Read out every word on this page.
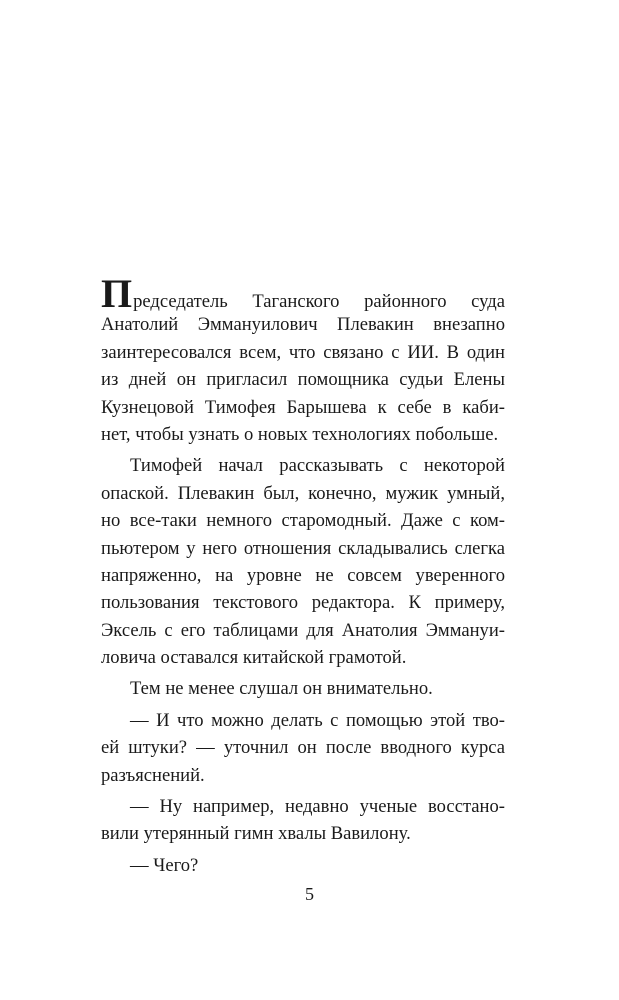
Председатель Таганского районного суда
Анатолий Эммануилович Плевакин внезапно
заинтересовался всем, что связано с ИИ. В один
из дней он пригласил помощника судьи Елены
Кузнецовой Тимофея Барышева к себе в каби-
нет, чтобы узнать о новых технологиях побольше.
Тимофей начал рассказывать с некоторой
опаской. Плевакин был, конечно, мужик умный,
но все-таки немного старомодный. Даже с ком-
пьютером у него отношения складывались слегка
напряженно, на уровне не совсем уверенного
пользования текстового редактора. К примеру,
Эксель с его таблицами для Анатолия Эммануи-
ловича оставался китайской грамотой.
Тем не менее слушал он внимательно.
— И что можно делать с помощью этой тво-
ей штуки? — уточнил он после вводного курса
разъяснений.
— Ну например, недавно ученые восстано-
вили утерянный гимн хвалы Вавилону.
— Чего?
5
